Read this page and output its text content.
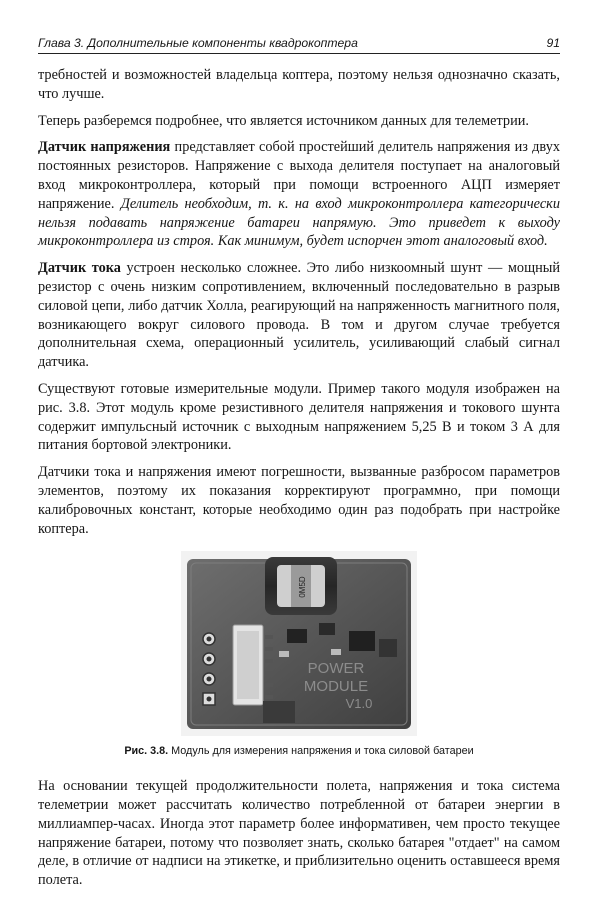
Глава 3. Дополнительные компоненты квадрокоптера	91

требностей и возможностей владельца коптера, поэтому нельзя однозначно сказать, что лучше.

Теперь разберемся подробнее, что является источником данных для телеметрии.

Датчик напряжения представляет собой простейший делитель напряжения из двух постоянных резисторов. Напряжение с выхода делителя поступает на аналоговый вход микроконтроллера, который при помощи встроенного АЦП измеряет напряжение. Делитель необходим, т. к. на вход микроконтроллера категорически нельзя подавать напряжение батареи напрямую. Это приведет к выходу микроконтроллера из строя. Как минимум, будет испорчен этот аналоговый вход.

Датчик тока устроен несколько сложнее. Это либо низкоомный шунт — мощный резистор с очень низким сопротивлением, включенный последовательно в разрыв силовой цепи, либо датчик Холла, реагирующий на напряженность магнитного поля, возникающего вокруг силового провода. В том и другом случае требуется дополнительная схема, операционный усилитель, усиливающий слабый сигнал датчика.

Существуют готовые измерительные модули. Пример такого модуля изображен на рис. 3.8. Этот модуль кроме резистивного делителя напряжения и токового шунта содержит импульсный источник с выходным напряжением 5,25 В и током 3 А для питания бортовой электроники.

Датчики тока и напряжения имеют погрешности, вызванные разбросом параметров элементов, поэтому их показания корректируют программно, при помощи калибровочных констант, которые необходимо один раз подобрать при настройке коптера.

0M5D
POWER
MODULE
V1.0
Рис. 3.8. Модуль для измерения напряжения и тока силовой батареи

На основании текущей продолжительности полета, напряжения и тока система телеметрии может рассчитать количество потребленной от батареи энергии в миллиампер-часах. Иногда этот параметр более информативен, чем просто текущее напряжение батареи, потому что позволяет знать, сколько батарея "отдает" на самом деле, в отличие от надписи на этикетке, и приблизительно оценить оставшееся время полета.
